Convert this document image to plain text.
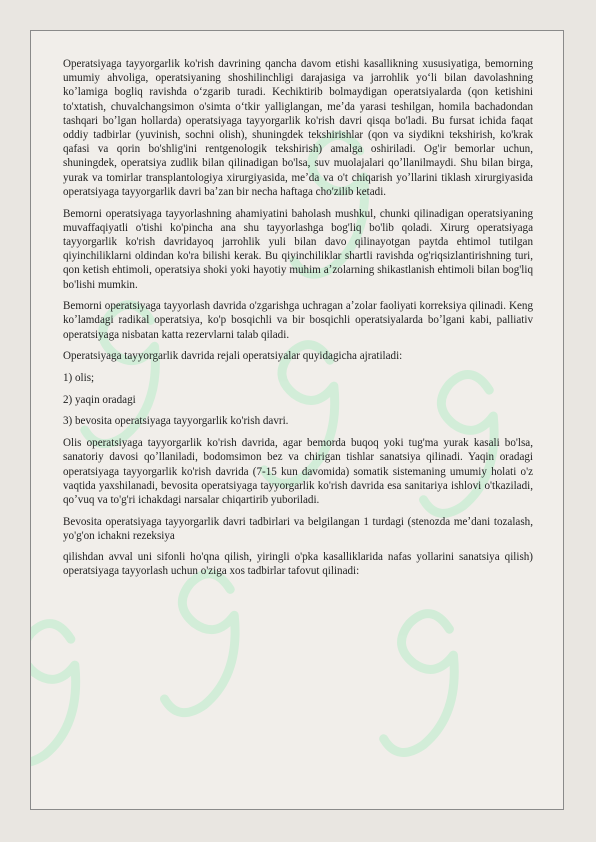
Operatsiyaga tayyorgarlik ko'rish davrining qancha davom etishi kasallikning xususiyatiga, bemorning umumiy ahvoliga, operatsiyaning shoshilinchligi darajasiga va jarrohlik yoʻli bilan davolashning koʼlamiga bogliq ravishda oʻzgarib turadi. Kechiktirib bolmaydigan operatsiyalarda (qon ketishini to'xtatish, chuvalchangsimon o'simta oʻtkir yalliglangan, meʼda yarasi teshilgan, homila bachadondan tashqari boʼlgan hollarda) operatsiyaga tayyorgarlik ko'rish davri qisqa bo'ladi. Bu fursat ichida faqat oddiy tadbirlar (yuvinish, sochni olish), shuningdek tekshirishlar (qon va siydikni tekshirish, ko'krak qafasi va qorin bo'shlig'ini rentgenologik tekshirish) amalga oshiriladi. Og'ir bemorlar uchun, shuningdek, operatsiya zudlik bilan qilinadigan bo'lsa, suv muolajalari qoʼllanilmaydi. Shu bilan birga, yurak va tomirlar transplantologiya xirurgiyasida, meʼda va o't chiqarish yoʼllarini tiklash xirurgiyasida operatsiyaga tayyorgarlik davri baʼzan bir necha haftaga cho'zilib ketadi.

Bemorni operatsiyaga tayyorlashning ahamiyatini baholash mushkul, chunki qilinadigan operatsiyaning muvaffaqiyatli o'tishi ko'pincha ana shu tayyorlashga bog'liq bo'lib qoladi. Xirurg operatsiyaga tayyorgarlik ko'rish davridayoq jarrohlik yuli bilan davo qilinayotgan paytda ehtimol tutilgan qiyinchiliklarni oldindan ko'ra bilishi kerak. Bu qiyinchiliklar shartli ravishda og'riqsizlantirishning turi, qon ketish ehtimoli, operatsiya shoki yoki hayotiy muhim aʼzolarning shikastlanish ehtimoli bilan bog'liq bo'lishi mumkin.

Bemorni operatsiyaga tayyorlash davrida o'zgarishga uchragan aʼzolar faoliyati korreksiya qilinadi. Keng koʼlamdagi radikal operatsiya, ko'p bosqichli va bir bosqichli operatsiyalarda boʼlgani kabi, palliativ operatsiyaga nisbatan katta rezervlarni talab qiladi.

Operatsiyaga tayyorgarlik davrida rejali operatsiyalar quyidagicha ajratiladi:

1) olis;

2) yaqin oradagi

3) bevosita operatsiyaga tayyorgarlik ko'rish davri.

Olis operatsiyaga tayyorgarlik ko'rish davrida, agar bemorda buqoq yoki tug'ma yurak kasali bo'lsa, sanatoriy davosi qoʼllaniladi, bodomsimon bez va chirigan tishlar sanatsiya qilinadi. Yaqin oradagi operatsiyaga tayyorgarlik ko'rish davrida (7-15 kun davomida) somatik sistemaning umumiy holati o'z vaqtida yaxshilanadi, bevosita operatsiyaga tayyorgarlik ko'rish davrida esa sanitariya ishlovi o'tkaziladi, qoʼvuq va to'g'ri ichakdagi narsalar chiqartirib yuboriladi.

Bevosita operatsiyaga tayyorgarlik davri tadbirlari va belgilangan 1 turdagi (stenozda meʼdani tozalash, yo'g'on ichakni rezeksiya

qilishdan avval uni sifonli ho'qna qilish, yiringli o'pka kasalliklarida nafas yollarini sanatsiya qilish) operatsiyaga tayyorlash uchun o'ziga xos tadbirlar tafovut qilinadi:
